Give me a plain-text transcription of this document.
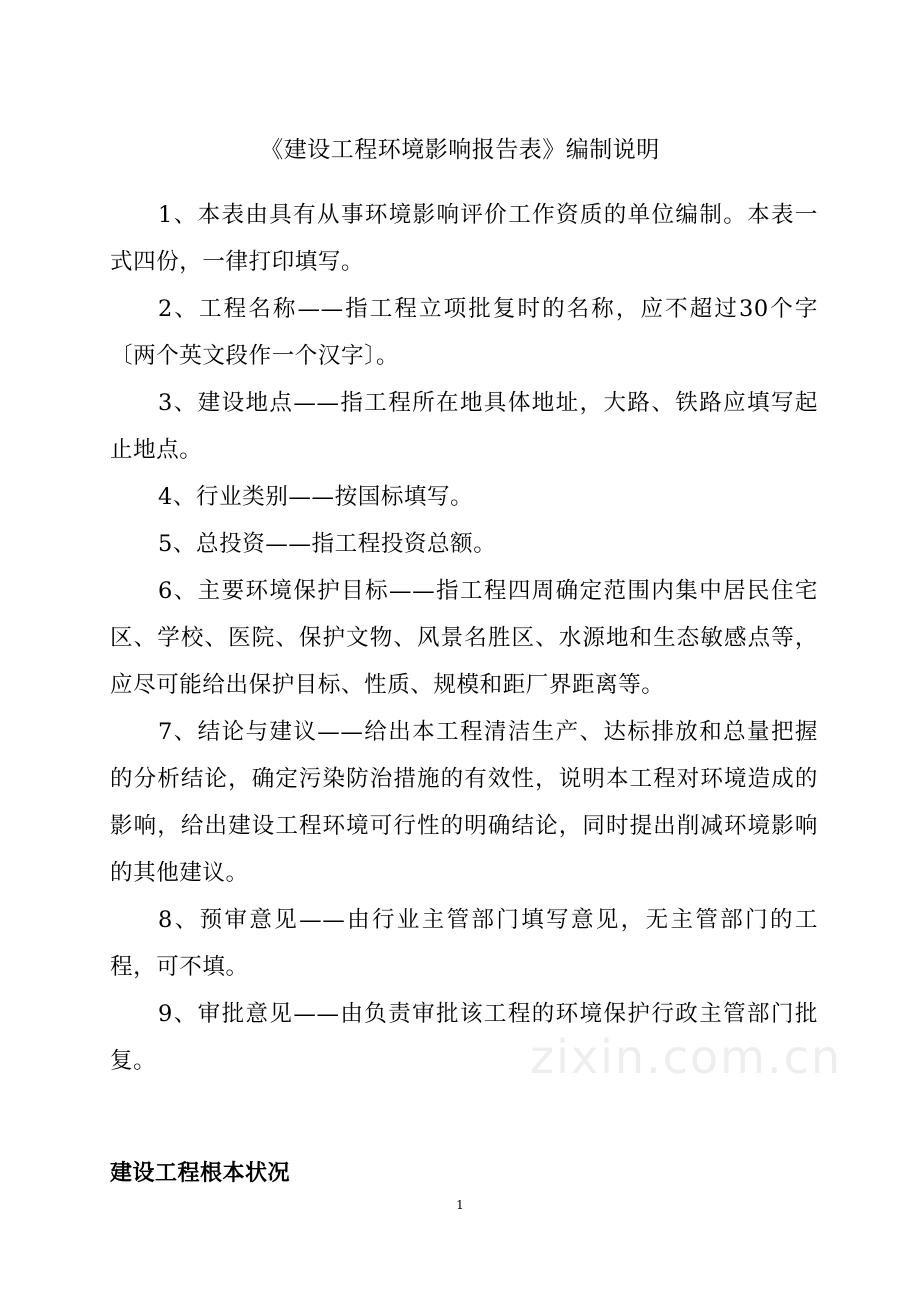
《建设工程环境影响报告表》编制说明

1、本表由具有从事环境影响评价工作资质的单位编制。本表一式四份，一律打印填写。

2、工程名称——指工程立项批复时的名称，应不超过30个字〔两个英文段作一个汉字〕。

3、建设地点——指工程所在地具体地址，大路、铁路应填写起止地点。

4、行业类别——按国标填写。

5、总投资——指工程投资总额。

6、主要环境保护目标——指工程四周确定范围内集中居民住宅区、学校、医院、保护文物、风景名胜区、水源地和生态敏感点等，应尽可能给出保护目标、性质、规模和距厂界距离等。

7、结论与建议——给出本工程清洁生产、达标排放和总量把握的分析结论，确定污染防治措施的有效性，说明本工程对环境造成的影响，给出建设工程环境可行性的明确结论，同时提出削减环境影响的其他建议。

8、预审意见——由行业主管部门填写意见，无主管部门的工程，可不填。

9、审批意见——由负责审批该工程的环境保护行政主管部门批复。	zixin.com.cn
建设工程根本状况
1
